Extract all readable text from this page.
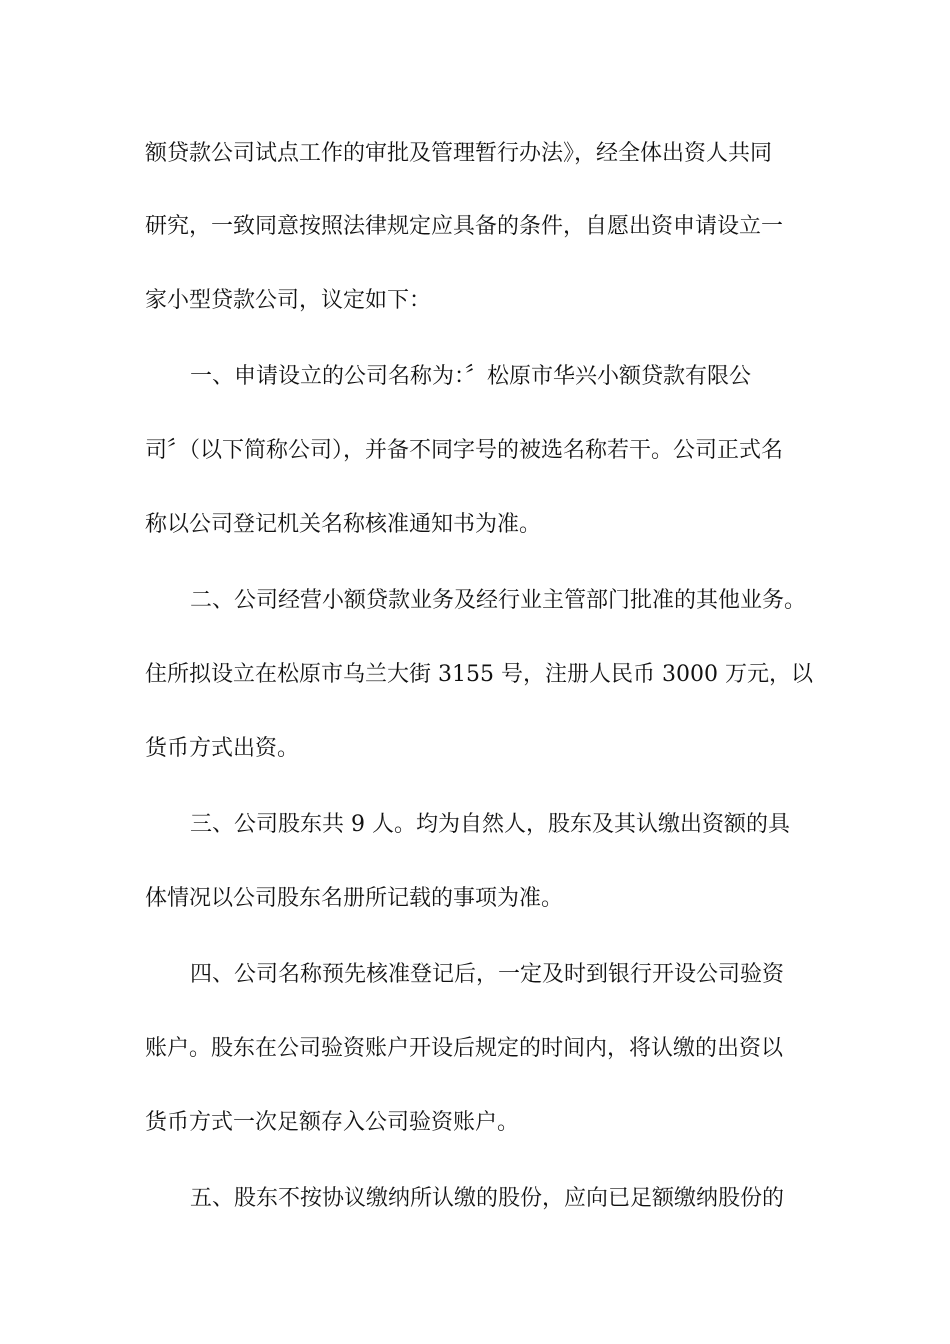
额贷款公司试点工作的审批及管理暂行办法》，经全体出资人共同
研究，一致同意按照法律规定应具备的条件，自愿出资申请设立一
家小型贷款公司，议定如下：
一、申请设立的公司名称为：〞松原市华兴小额贷款有限公
司〞（以下简称公司），并备不同字号的被选名称若干。公司正式名
称以公司登记机关名称核准通知书为准。
二、公司经营小额贷款业务及经行业主管部门批准的其他业务。
住所拟设立在松原市乌兰大街 3155 号，注册人民币 3000 万元，以
货币方式出资。
三、公司股东共 9 人。均为自然人，股东及其认缴出资额的具
体情况以公司股东名册所记载的事项为准。
四、公司名称预先核准登记后，一定及时到银行开设公司验资
账户。股东在公司验资账户开设后规定的时间内，将认缴的出资以
货币方式一次足额存入公司验资账户。
五、股东不按协议缴纳所认缴的股份，应向已足额缴纳股份的
